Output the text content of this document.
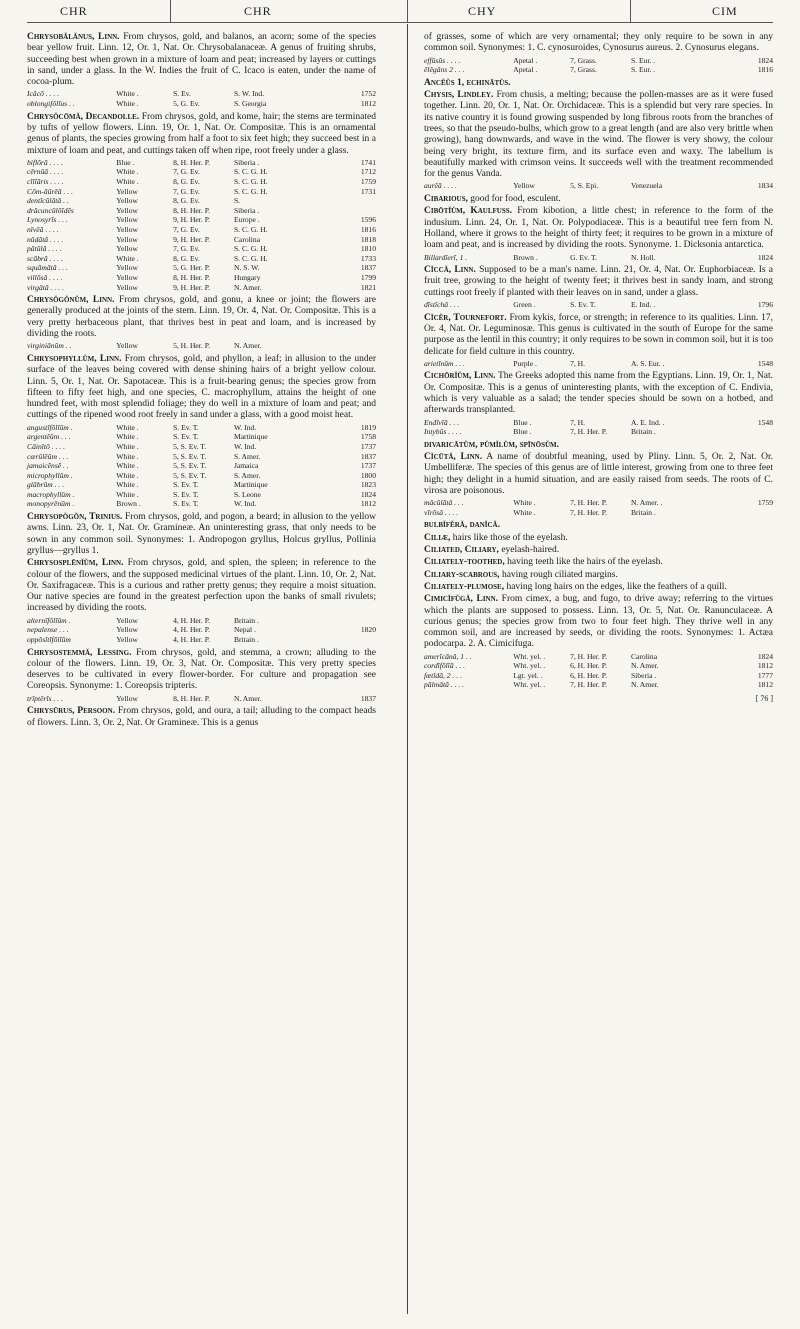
CHR	CHR	CHY	CIM

Chrysobălănus, Linn. From chrysos, gold, and balanos, an acorn; some of the species bear yellow fruit. Linn. 12, Or. 1, Nat. Or. Chrysobalanaceæ. A genus of fruiting shrubs, succeeding best when grown in a mixture of loam and peat; increased by layers or cuttings in sand, under a glass. In the W. Indies the fruit of C. Icaco is eaten, under the name of cocoa-plum.

Icăcō . . . .	White .	S. Ev.	S. W. Ind.	1752
oblongifŏlĭus . .	White .	5, G. Ev.	S. Georgia	1812

Chrysŏcōmă, Decandolle. From chrysos, gold, and kome, hair; the stems are terminated by tufts of yellow flowers. Linn. 19, Or. 1, Nat. Or. Compositæ. This is an ornamental genus of plants, the species growing from half a foot to six feet high; they succeed best in a mixture of loam and peat, and cuttings taken off when ripe, root freely under a glass.

biflōră . . . .	Blue .	8, H. Her. P.	Siberia .	1741
cērnŭă . . . .	White .	7, G. Ev.	S. C. G. H.	1712
cĭlĭāris . . . .	White .	8, G. Ev.	S. C. G. H.	1759
Cōm-ăūrĕă . . .	Yellow	7, G. Ev.	S. C. G. H.	1731
dentĭcŭlātă . .	Yellow	8, G. Ev.	S.	
drăcuncŭlōĭdēs	Yellow	8, H. Her. P.	Siberia .	
Lynosyrĭs . . .	Yellow	9, H. Her. P.	Europe .	1596
nĭvĕă . . . .	Yellow	7, G. Ev.	S. C. G. H.	1816
nūdātă . . . .	Yellow	9, H. Her. P.	Carolina	1818
pātŭlă . . . .	Yellow	7, G. Ev.	S. C. G. H.	1810
scābră . . . .	White .	8, G. Ev.	S. C. G. H.	1733
squāmātă . . .	Yellow	5, G. Her. P.	N. S. W.	1837
villōsă . . . .	Yellow	8, H. Her. P.	Hungary	1799
virgātă . . . .	Yellow	9, H. Her. P.	N. Amer.	1821

Chrysŏgŏnŭm, Linn. From chrysos, gold, and gonu, a knee or joint; the flowers are generally produced at the joints of the stem. Linn. 19, Or. 4, Nat. Or. Compositæ. This is a very pretty herbaceous plant, that thrives best in peat and loam, and is increased by dividing the roots.

virginiānŭm . .	Yellow	5, H. Her. P.	N. Amer.	

Chrysophyllŭm, Linn. From chrysos, gold, and phyllon, a leaf; in allusion to the under surface of the leaves being covered with dense shining hairs of a bright yellow colour. Linn. 5, Or. 1, Nat. Or. Sapotaceæ. This is a fruit-bearing genus; the species grow from fifteen to fifty feet high, and one species, C. macrophyllum, attains the height of one hundred feet, with most splendid foliage; they do well in a mixture of loam and peat; and cuttings of the ripened wood root freely in sand under a glass, with a good moist heat.

angustĭfōlĭŭm .	White .	S. Ev. T.	W. Ind.	1819
argentĕŭm . . .	White .	S. Ev. T.	Martinique	1758
Cāinĭtō . . . .	White .	5, S. Ev. T.	W. Ind.	1737
cærŭlĕŭm . . .	White .	5, S. Ev. T.	S. Amer.	1837
jamaicĕnsĕ . .	White .	5, S. Ev. T.	Jamaica	1737
microphyllŭm .	White .	5, S. Ev. T.	S. Amer.	1800
glăbrŭm . . .	White .	S. Ev. T.	Martinique	1823
macrophyllŭm .	White .	S. Ev. T.	S. Leone	1824
monopyrĕnŭm .	Brown .	S. Ev. T.	W. Ind.	1812

Chrysopŏgŏn, Trinius. From chrysos, gold, and pogon, a beard; in allusion to the yellow awns. Linn. 23, Or. 1, Nat. Or. Gramineæ. An uninteresting grass, that only needs to be sown in any common soil. Synonymes: 1. Andropogon gryllus, Holcus gryllus, Pollinia gryllus—gryllus 1.

Chrysosplēnĭŭm, Linn. From chrysos, gold, and splen, the spleen; in reference to the colour of the flowers, and the supposed medicinal virtues of the plant. Linn. 10, Or. 2, Nat. Or. Saxifragaceæ. This is a curious and rather pretty genus; they require a moist situation. Our native species are found in the greatest perfection upon the banks of small rivulets; increased by dividing the roots.

alternĭfōlĭŭm .	Yellow	4, H. Her. P.	Britain .	
nepalense . . .	Yellow	4, H. Her. P.	Nepal .	1820
oppŏsĭtĭfōlĭŭm	Yellow	4, H. Her. P.	Britain .	

Chrysostemmă, Lessing. From chrysos, gold, and stemma, a crown; alluding to the colour of the flowers. Linn. 19, Or. 3, Nat. Or. Compositæ. This very pretty species deserves to be cultivated in every flower-border. For culture and propagation see Coreopsis. Synonyme: 1. Coreopsis tripteris.

trĭptĕrĭs . . .	Yellow	8, H. Her. P.	N. Amer.	1837

Chrysūrus, Persoon. From chrysos, gold, and oura, a tail; alluding to the compact heads of flowers. Linn. 3, Or. 2, Nat. Or Gramineæ. This is a genus

of grasses, some of which are very ornamental; they only require to be sown in any common soil. Synonymes: 1. C. cynosuroides, Cynosurus aureus. 2. Cynosurus elegans.

effūsŭs . . . .	Apetal .	7, Grass.	S. Eur. .	1824
ēlĕgāns 2 . . .	Apetal .	7, Grass.	S. Eur. .	1816

Ancĕŭs 1, echinātŭs.

Chysis, Lindley. From chusis, a melting; because the pollen-masses are as it were fused together. Linn. 20, Or. 1, Nat. Or. Orchidaceæ. This is a splendid but very rare species. In its native country it is found growing suspended by long fibrous roots from the branches of trees, so that the pseudo-bulbs, which grow to a great length (and are also very brittle when growing), hang downwards, and wave in the wind. The flower is very showy, the colour being very bright, its texture firm, and its surface even and waxy. The labellum is beautifully marked with crimson veins. It succeeds well with the treatment recommended for the genus Vanda.

aurĕă . . . .	Yellow	5, S. Epi.	Venezuela	1834

Cibarious, good for food, esculent.

Cibōtĭŭm, Kaulfuss. From kibotion, a little chest; in reference to the form of the indusium. Linn. 24, Or. 1, Nat. Or. Polypodiaceæ. This is a beautiful tree fern from N. Holland, where it grows to the height of thirty feet; it requires to be grown in a mixture of loam and peat, and is increased by dividing the roots. Synonyme. 1. Dicksonia antarctica.

Billardĭerĭ, 1 .	Brown .	G. Ev. T.	N. Holl.	1824

Cĭccă, Linn. Supposed to be a man's name. Linn. 21, Or. 4, Nat. Or. Euphorbiaceæ. Is a fruit tree, growing to the height of twenty feet; it thrives best in sandy loam, and strong cuttings root freely if planted with their leaves on in sand, under a glass.

dīstĭchă . . .	Green .	S. Ev. T.	E. Ind. .	1796

Cĭcĕr, Tournefort. From kykis, force, or strength; in reference to its qualities. Linn. 17, Or. 4, Nat. Or. Leguminosæ. This genus is cultivated in the south of Europe for the same purpose as the lentil in this country; it only requires to be sown in common soil, but it is too delicate for field culture in this country.

arietīnŭm . . .	Purple .	7, H.	A. S. Eur. .	1548

Cichōrĭŭm, Linn. The Greeks adopted this name from the Egyptians. Linn. 19, Or. 1, Nat. Or. Compositæ. This is a genus of uninteresting plants, with the exception of C. Endivia, which is very valuable as a salad; the tender species should be sown on a hotbed, and afterwards transplanted.

Endīvĭă . . .	Blue .	7, H.	A. E. Ind. .	1548
Intybŭs . . . .	Blue .	7, H. Her. P.	Britain .	

divaricātŭm, pŭmĭlŭm, spīnōsŭm.

Cĭcūtă, Linn. A name of doubtful meaning, used by Pliny. Linn. 5, Or. 2, Nat. Or. Umbelliferæ. The species of this genus are of little interest, growing from one to three feet high; they delight in a humid situation, and are easily raised from seeds. The roots of C. virosa are poisonous.

măcŭlātă . . .	White .	7, H. Her. P.	N. Amer. .	1759
vīrōsă . . . .	White .	7, H. Her. P.	Britain .	

bulbĭfĕră, danĭcă.

Ciliæ, hairs like those of the eyelash.

Ciliated, Ciliary, eyelash-haired.

Ciliately-toothed, having teeth like the hairs of the eyelash.

Ciliary-scabrous, having rough ciliated margins.

Ciliately-plumose, having long hairs on the edges, like the feathers of a quill.

Cimicĭfŭgă, Linn. From cimex, a bug, and fugo, to drive away; referring to the virtues which the plants are supposed to possess. Linn. 13, Or. 5, Nat. Or. Ranunculaceæ. A curious genus; the species grow from two to four feet high. They thrive well in any common soil, and are increased by seeds, or dividing the roots. Synonymes: 1. Actæa podocarpa. 2. A. Cimicifuga.

amerĭcānă, 1 . .	Wht. yel. .	7, H. Her. P.	Carolina	1824
cordĭfōlĭă . . .	Wht. yel. .	6, H. Her. P.	N. Amer.	1812
fœtĭdă, 2 . . .	Lgt. yel. .	6, H. Her. P.	Siberia .	1777
pălmātă . . . .	Wht. yel. .	7, H. Her. P.	N. Amer.	1812
[ 76 ]
